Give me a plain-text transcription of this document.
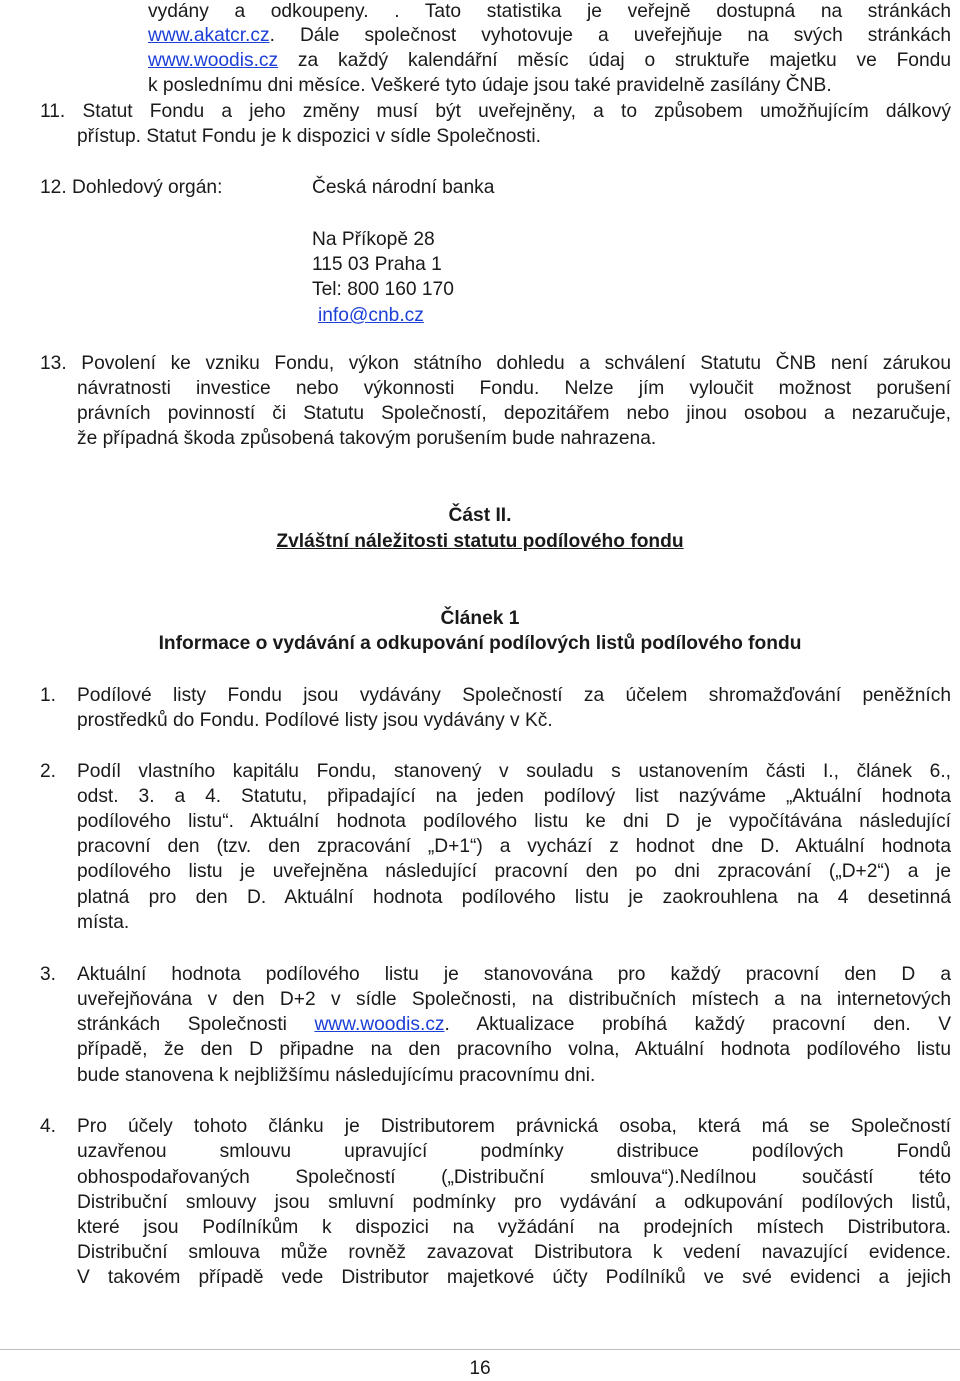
vydány a odkoupeny. . Tato statistika je veřejně dostupná na stránkách
www.akatcr.cz. Dále společnost vyhotovuje a uveřejňuje na svých stránkách
www.woodis.cz za každý kalendářní měsíc údaj o struktuře majetku ve Fondu
k poslednímu dni měsíce. Veškeré tyto údaje jsou také pravidelně zasílány ČNB.
11. Statut Fondu a jeho změny musí být uveřejněny, a to způsobem umožňujícím dálkový
přístup. Statut Fondu je k dispozici v sídle Společnosti.
12. Dohledový orgán:	Česká národní banka
Na Příkopě 28
115 03 Praha 1
Tel: 800 160 170
info@cnb.cz
13. Povolení ke vzniku Fondu, výkon státního dohledu a schválení Statutu ČNB není zárukou
návratnosti investice nebo výkonnosti Fondu. Nelze jím vyloučit možnost porušení
právních povinností či Statutu Společností, depozitářem nebo jinou osobou a nezaručuje,
že případná škoda způsobená takovým porušením bude nahrazena.
Část II.
Zvláštní náležitosti statutu podílového fondu
Článek 1
Informace o vydávání a odkupování podílových listů podílového fondu
1. Podílové listy Fondu jsou vydávány Společností za účelem shromažďování peněžních
prostředků do Fondu. Podílové listy jsou vydávány v Kč.
2. Podíl vlastního kapitálu Fondu, stanovený v souladu s ustanovením části I., článek 6.,
odst. 3. a 4. Statutu, připadající na jeden podílový list nazýváme „Aktuální hodnota
podílového listu“. Aktuální hodnota podílového listu ke dni D je vypočítávána následující
pracovní den (tzv. den zpracování „D+1“) a vychází z hodnot dne D. Aktuální hodnota
podílového listu je uveřejněna následující pracovní den po dni zpracování („D+2“) a je
platná pro den D. Aktuální hodnota podílového listu je zaokrouhlena na 4 desetinná
místa.
3. Aktuální hodnota podílového listu je stanovována pro každý pracovní den D a
uveřejňována v den D+2 v sídle Společnosti, na distribučních místech a na internetových
stránkách Společnosti www.woodis.cz. Aktualizace probíhá každý pracovní den. V
případě, že den D připadne na den pracovního volna, Aktuální hodnota podílového listu
bude stanovena k nejbližšímu následujícímu pracovnímu dni.
4. Pro účely tohoto článku je Distributorem právnická osoba, která má se Společností
uzavřenou smlouvu upravující podmínky distribuce podílových Fondů
obhospodařovaných Společností („Distribuční smlouva“).Nedílnou součástí této
Distribuční smlouvy jsou smluvní podmínky pro vydávání a odkupování podílových listů,
které jsou Podílníkům k dispozici na vyžádání na prodejních místech Distributora.
Distribuční smlouva může rovněž zavazovat Distributora k vedení navazující evidence.
V takovém případě vede Distributor majetkové účty Podílníků ve své evidenci a jejich
16
